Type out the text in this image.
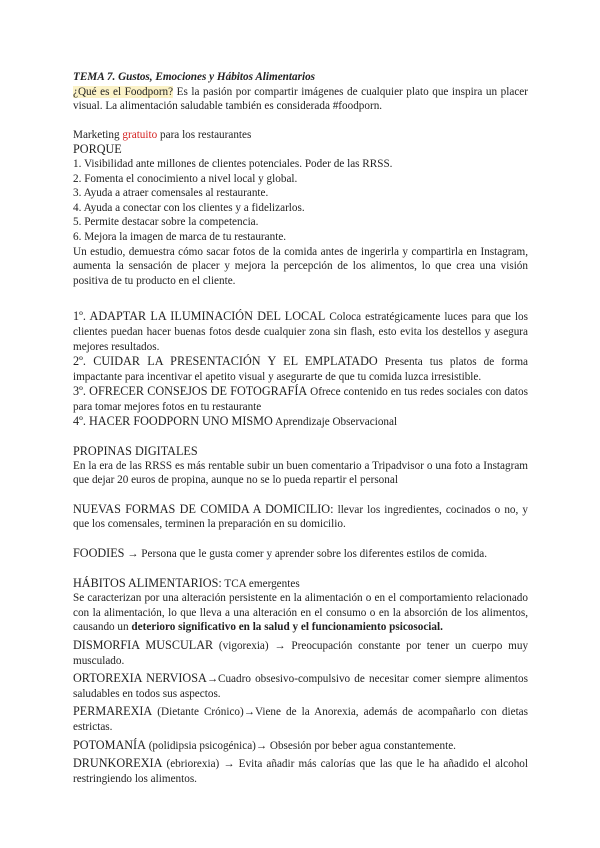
TEMA 7. Gustos, Emociones y Hábitos Alimentarios

¿Qué es el Foodporn? Es la pasión por compartir imágenes de cualquier plato que inspira un placer visual. La alimentación saludable también es considerada #foodporn.

Marketing gratuito para los restaurantes

PORQUE

1. Visibilidad ante millones de clientes potenciales. Poder de las RRSS.

2. Fomenta el conocimiento a nivel local y global.

3. Ayuda a atraer comensales al restaurante.

4. Ayuda a conectar con los clientes y a fidelizarlos.

5. Permite destacar sobre la competencia.

6. Mejora la imagen de marca de tu restaurante.

Un estudio, demuestra cómo sacar fotos de la comida antes de ingerirla y compartirla en Instagram, aumenta la sensación de placer y mejora la percepción de los alimentos, lo que crea una visión positiva de tu producto en el cliente.

1º. ADAPTAR LA ILUMINACIÓN DEL LOCAL Coloca estratégicamente luces para que los clientes puedan hacer buenas fotos desde cualquier zona sin flash, esto evita los destellos y asegura mejores resultados.

2º. CUIDAR LA PRESENTACIÓN Y EL EMPLATADO Presenta tus platos de forma impactante para incentivar el apetito visual y asegurarte de que tu comida luzca irresistible.

3º. OFRECER CONSEJOS DE FOTOGRAFÍA Ofrece contenido en tus redes sociales con datos para tomar mejores fotos en tu restaurante

4º. HACER FOODPORN UNO MISMO Aprendizaje Observacional

PROPINAS DIGITALES

En la era de las RRSS es más rentable subir un buen comentario a Tripadvisor o una foto a Instagram que dejar 20 euros de propina, aunque no se lo pueda repartir el personal

NUEVAS FORMAS DE COMIDA A DOMICILIO: llevar los ingredientes, cocinados o no, y que los comensales, terminen la preparación en su domicilio.

FOODIES → Persona que le gusta comer y aprender sobre los diferentes estilos de comida.

HÁBITOS ALIMENTARIOS: TCA emergentes

Se caracterizan por una alteración persistente en la alimentación o en el comportamiento relacionado con la alimentación, lo que lleva a una alteración en el consumo o en la absorción de los alimentos, causando un deterioro significativo en la salud y el funcionamiento psicosocial.

DISMORFIA MUSCULAR (vigorexia) → Preocupación constante por tener un cuerpo muy musculado.

ORTOREXIA NERVIOSA→Cuadro obsesivo-compulsivo de necesitar comer siempre alimentos saludables en todos sus aspectos.

PERMAREXIA (Dietante Crónico)→Viene de la Anorexia, además de acompañarlo con dietas estrictas.

POTOMANÍA (polidipsia psicogénica)→ Obsesión por beber agua constantemente.

DRUNKOREXIA (ebriorexia) → Evita añadir más calorías que las que le ha añadido el alcohol restringiendo los alimentos.
